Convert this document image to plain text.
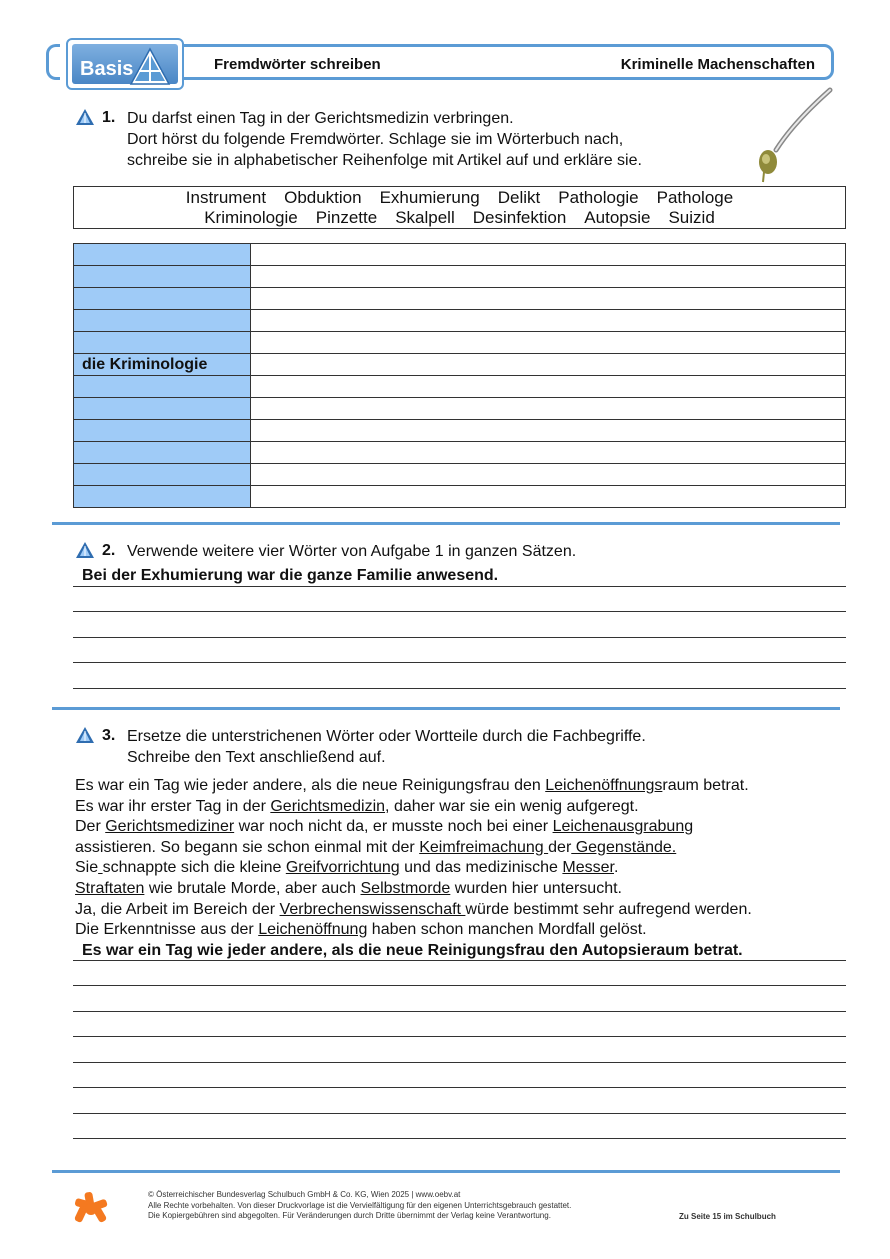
Basis	Fremdwörter schreiben	Kriminelle Machenschaften
1. Du darfst einen Tag in der Gerichtsmedizin verbringen.
Dort hörst du folgende Fremdwörter. Schlage sie im Wörterbuch nach,
schreibe sie in alphabetischer Reihenfolge mit Artikel auf und erkläre sie.
Instrument Obduktion Exhumierung Delikt Pathologie Pathologe
Kriminologie Pinzette Skalpell Desinfektion Autopsie Suizid

die Kriminologie	

2. Verwende weitere vier Wörter von Aufgabe 1 in ganzen Sätzen.
Bei der Exhumierung war die ganze Familie anwesend.
3. Ersetze die unterstrichenen Wörter oder Wortteile durch die Fachbegriffe.
Schreibe den Text anschließend auf.
Es war ein Tag wie jeder andere, als die neue Reinigungsfrau den Leichenöffnungsraum betrat.
Es war ihr erster Tag in der Gerichtsmedizin, daher war sie ein wenig aufgeregt.
Der Gerichtsmediziner war noch nicht da, er musste noch bei einer Leichenausgrabung
assistieren. So begann sie schon einmal mit der Keimfreimachung der Gegenstände.
Sie schnappte sich die kleine Greifvorrichtung und das medizinische Messer.
Straftaten wie brutale Morde, aber auch Selbstmorde wurden hier untersucht.
Ja, die Arbeit im Bereich der Verbrechenswissenschaft würde bestimmt sehr aufregend werden.
Die Erkenntnisse aus der Leichenöffnung haben schon manchen Mordfall gelöst.
Es war ein Tag wie jeder andere, als die neue Reinigungsfrau den Autopsieraum betrat.
© Österreichischer Bundesverlag Schulbuch GmbH & Co. KG, Wien 2025 | www.oebv.at
Alle Rechte vorbehalten. Von dieser Druckvorlage ist die Vervielfältigung für den eigenen Unterrichtsgebrauch gestattet.
Die Kopiergebühren sind abgegolten. Für Veränderungen durch Dritte übernimmt der Verlag keine Verantwortung.	Zu Seite 15 im Schulbuch
